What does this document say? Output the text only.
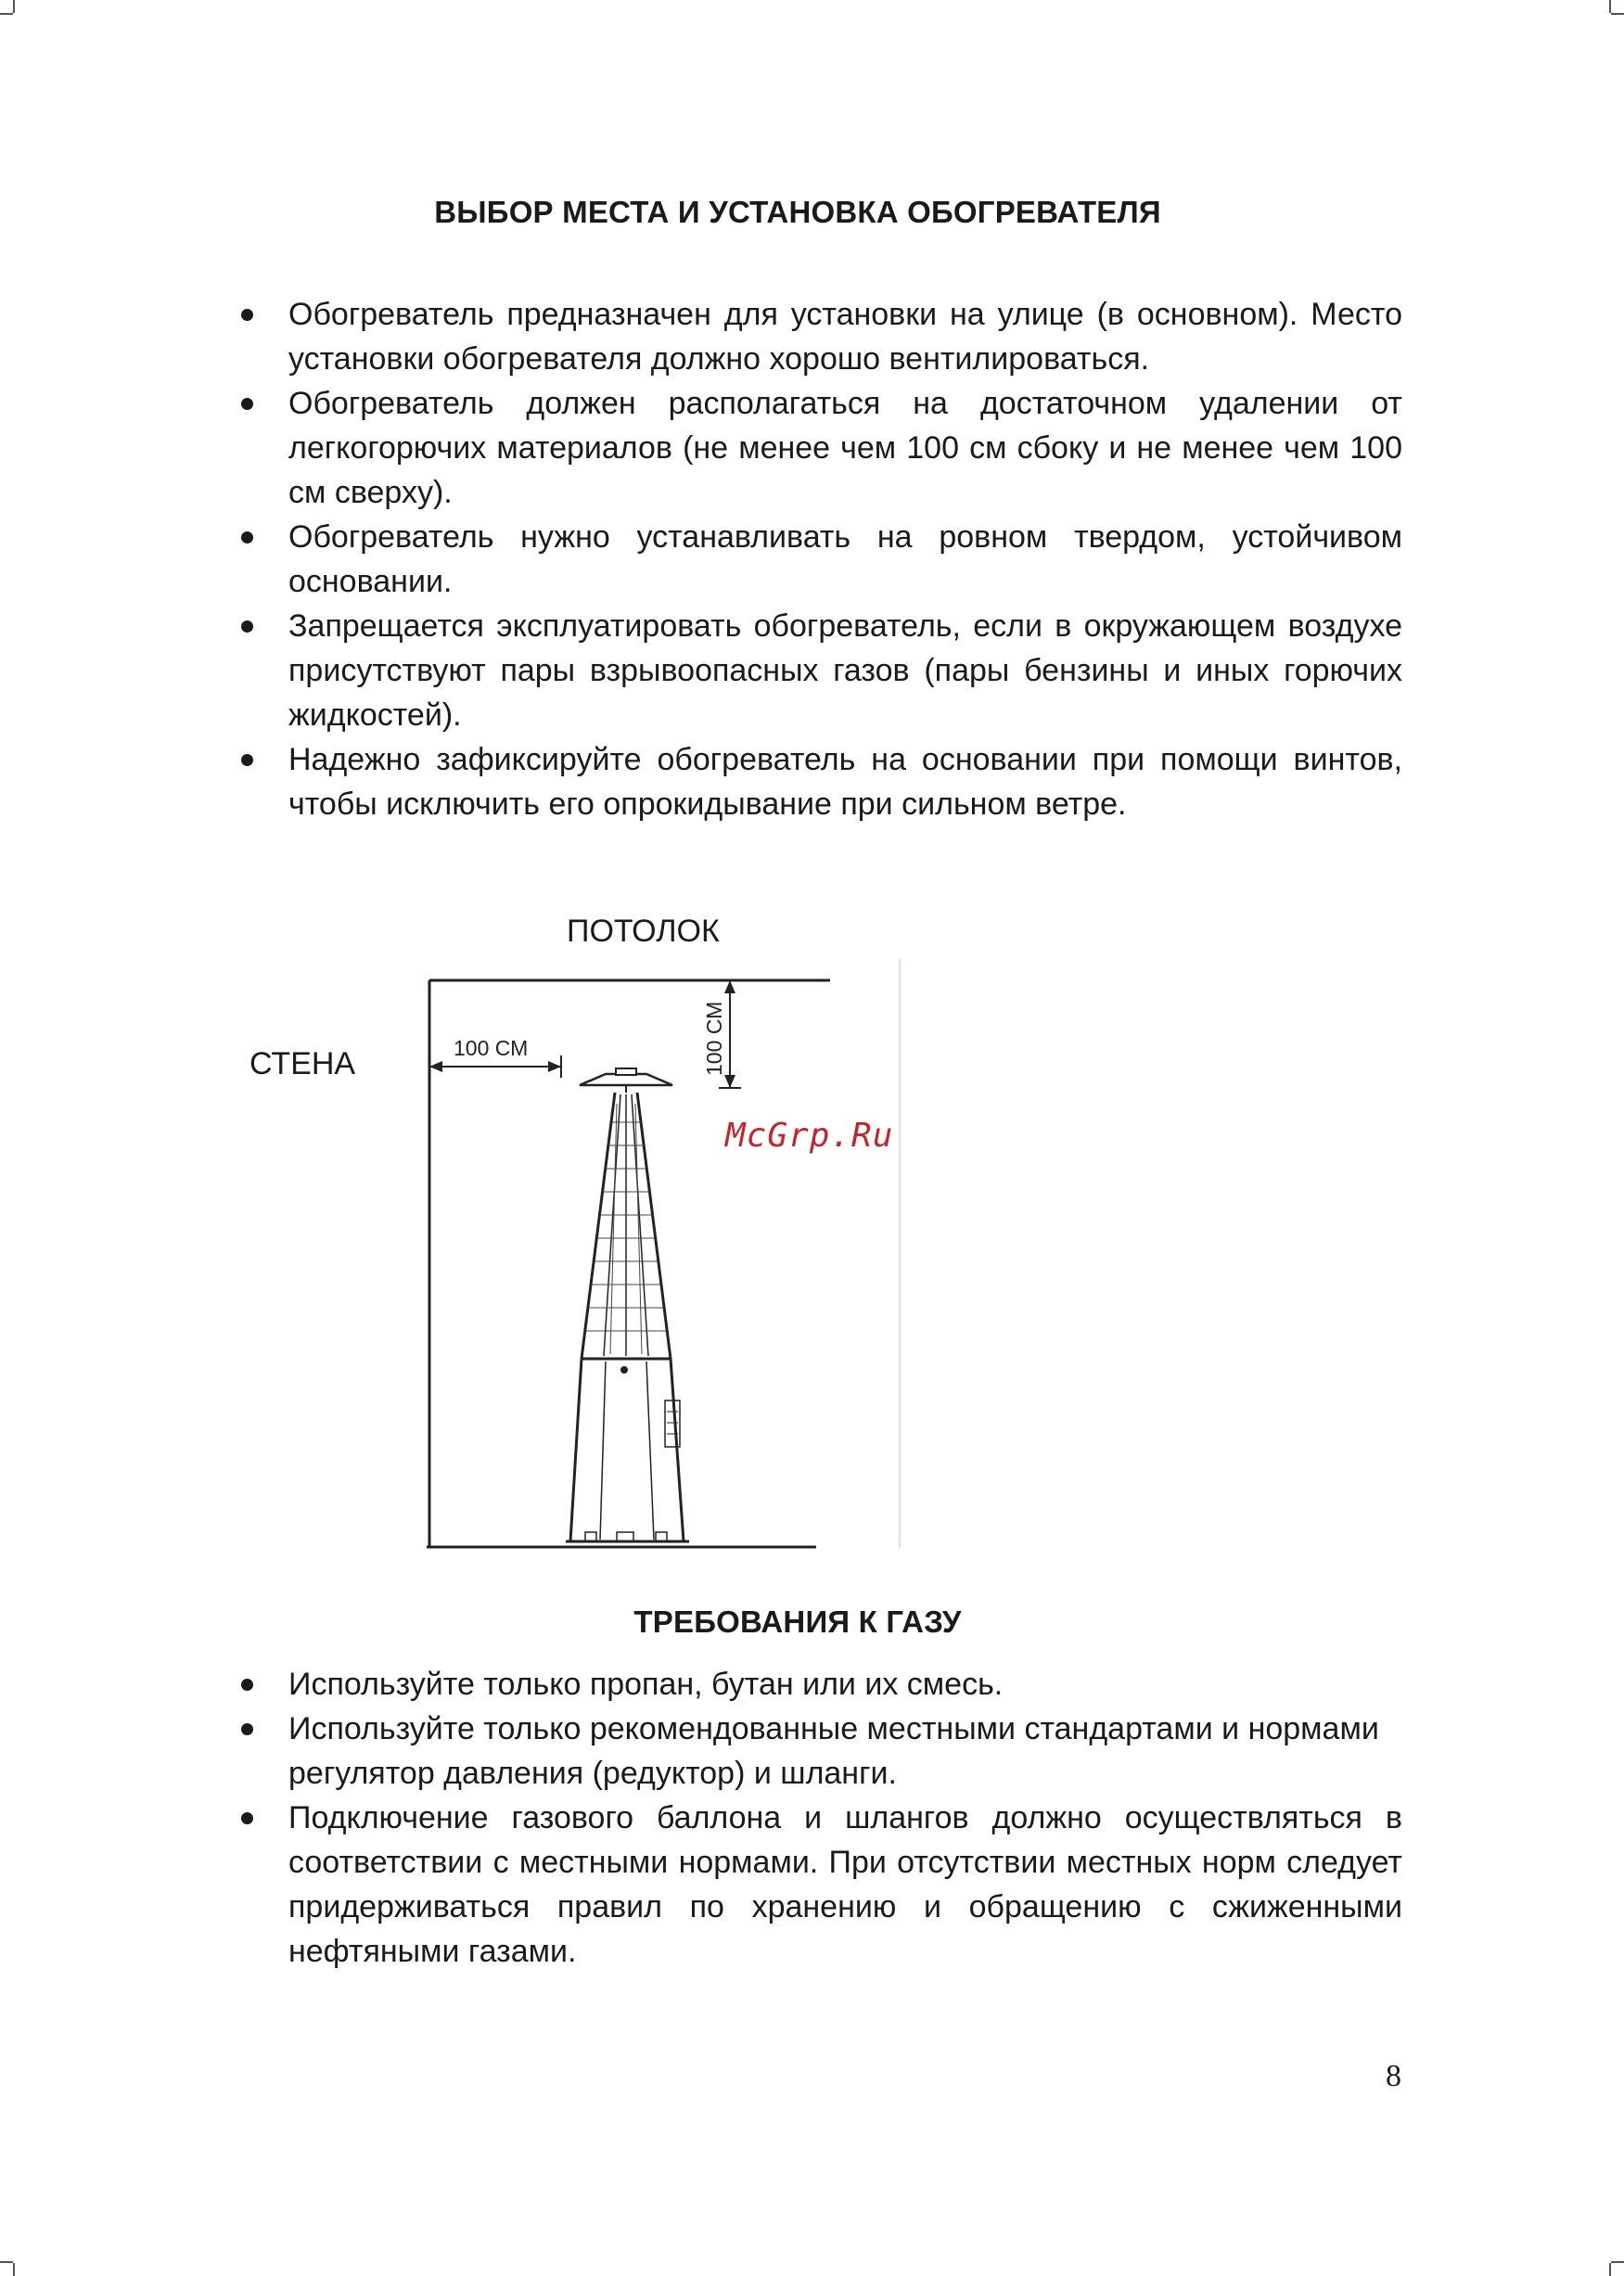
ВЫБОР МЕСТА И УСТАНОВКА ОБОГРЕВАТЕЛЯ
Обогреватель предназначен для установки на улице (в основном). Место установки обогревателя должно хорошо вентилироваться.
Обогреватель должен располагаться на достаточном удалении от легкогорючих материалов (не менее чем 100 см сбоку и не менее чем 100 см сверху).
Обогреватель нужно устанавливать на ровном твердом, устойчивом основании.
Запрещается эксплуатировать обогреватель, если в окружающем воздухе присутствуют пары взрывоопасных газов (пары бензины и иных горючих жидкостей).
Надежно зафиксируйте обогреватель на основании при помощи винтов, чтобы исключить его опрокидывание при сильном ветре.
ПОТОЛОК
СТЕНА	100 СМ	100 СМ
McGrp.Ru
ТРЕБОВАНИЯ К ГАЗУ
Используйте только пропан, бутан или их смесь.
Используйте только рекомендованные местными стандартами и нормами регулятор давления (редуктор) и шланги.
Подключение газового баллона и шлангов должно осуществляться в соответствии с местными нормами. При отсутствии местных норм следует придерживаться правил по хранению и обращению с сжиженными нефтяными газами.
8
